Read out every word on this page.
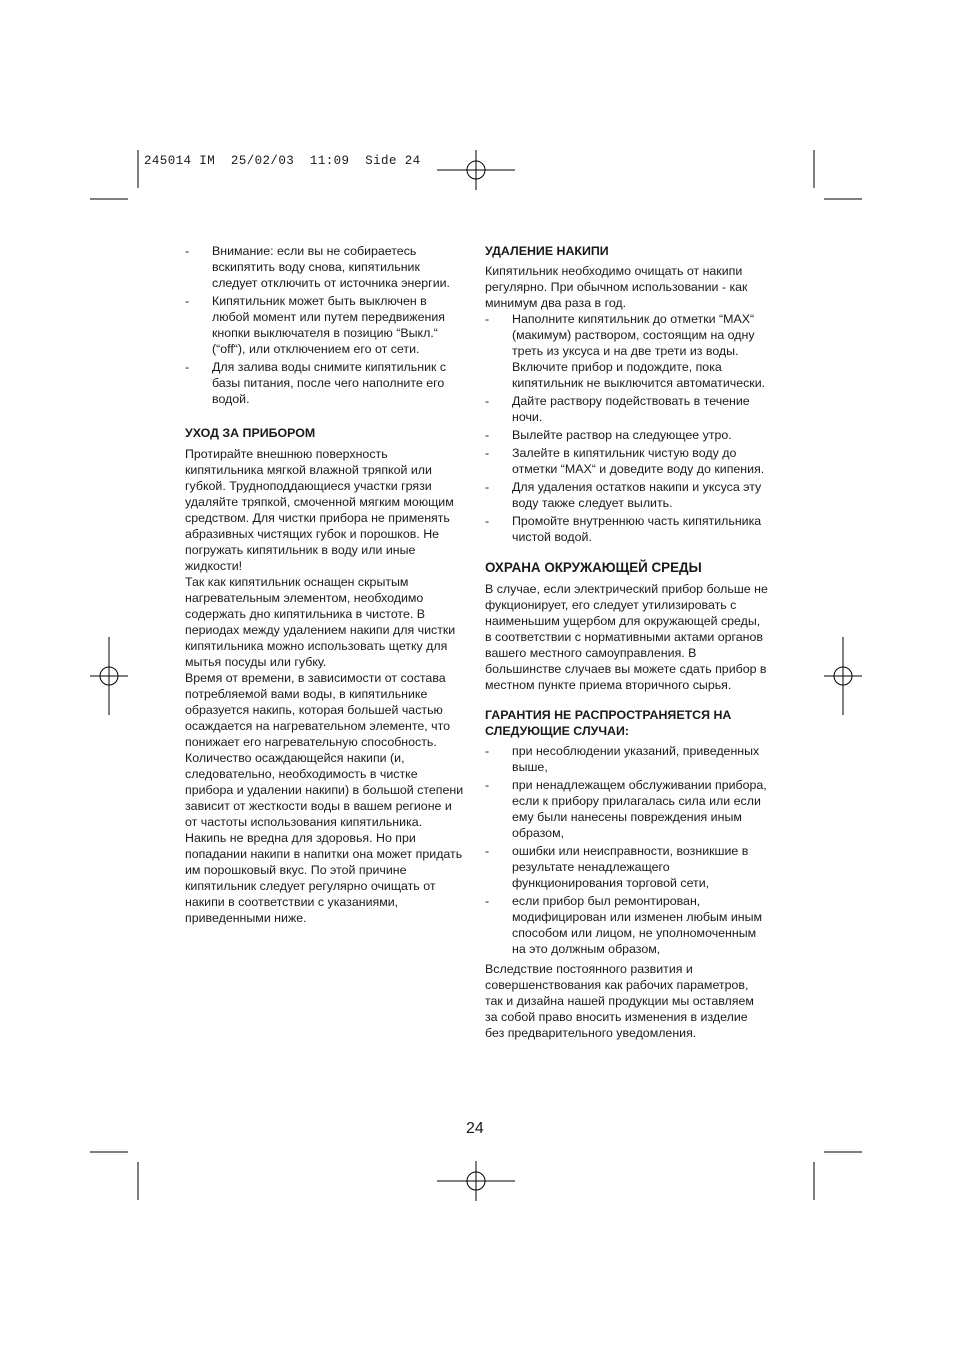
245014 IM  25/02/03  11:09  Side 24
- Внимание: если вы не собираетесь вскипятить воду снова, кипятильник следует отключить от источника энергии.
- Кипятильник может быть выключен в любой момент или путем передвижения кнопки выключателя в позицию “Выкл.“ (“off“), или отключением его от сети.
- Для залива воды снимите кипятильник с базы питания, после чего наполните его водой.
УХОД ЗА ПРИБОРОМ
Протирайте внешнюю поверхность кипятильника мягкой влажной тряпкой или губкой. Трудноподдающиеся участки грязи удаляйте тряпкой, смоченной мягким моющим средством. Для чистки прибора не применять абразивных чистящих губок и порошков. Не погружать кипятильник в воду или иные жидкости!
Так как кипятильник оснащен скрытым нагревательным элементом, необходимо содержать дно кипятильника в чистоте. В периодах между удалением накипи для чистки кипятильника можно использовать щетку для мытья посуды или губку.
Время от времени, в зависимости от состава потребляемой вами воды, в кипятильнике образуется накипь, которая большей частью осаждается на нагревательном элементе, что понижает его нагревательную способность. Количество осаждающейся накипи (и, следовательно, необходимость в чистке прибора и удалении накипи) в большой степени зависит от жесткости воды в вашем регионе и от частоты использования кипятильника.
Накипь не вредна для здоровья. Но при попадании накипи в напитки она может придать им порошковый вкус. По этой причине кипятильник следует регулярно очищать от накипи в соответствии с указаниями, приведенными ниже.
УДАЛЕНИЕ НАКИПИ
Кипятильник необходимо очищать от накипи регулярно. При обычном использовании - как минимум два раза в год.
- Наполните кипятильник до отметки “MAX“ (макимум) раствором, состоящим на одну треть из уксуса и на две трети из воды. Включите прибор и подождите, пока кипятильник не выключится автоматически.
- Дайте раствору подействовать в течение ночи.
- Вылейте раствор на следующее утро.
- Залейте в кипятильник чистую воду до отметки “MAX“ и доведите воду до кипения.
- Для удаления остатков накипи и уксуса эту воду также следует вылить.
- Промойте внутреннюю часть кипятильника чистой водой.
ОХРАНА ОКРУЖАЮЩЕЙ СРЕДЫ
В случае, если электрический прибор больше не фукционирует, его следует утилизировать с наименьшим ущербом для окружающей среды, в соответствии с нормативными актами органов вашего местного самоуправления. В большинстве случаев вы можете сдать прибор в местном пункте приема вторичного сырья.
ГАРАНТИЯ НЕ РАСПРОСТРАНЯЕТСЯ НА СЛЕДУЮЩИЕ СЛУЧАИ:
- при несоблюдении указаний, приведенных выше,
- при ненадлежащем обслуживании прибора, если к прибору прилагалась сила или если ему были нанесены повреждения иным образом,
- ошибки или неисправности, возникшие в результате ненадлежащего функционирования торговой сети,
- если прибор был ремонтирован, модифицирован или изменен любым иным способом или лицом, не уполномоченным на это должным образом,
Вследствие постоянного развития и совершенствования как рабочих параметров, так и дизайна нашей продукции мы оставляем за собой право вносить изменения в изделие без предварительного уведомления.
24
